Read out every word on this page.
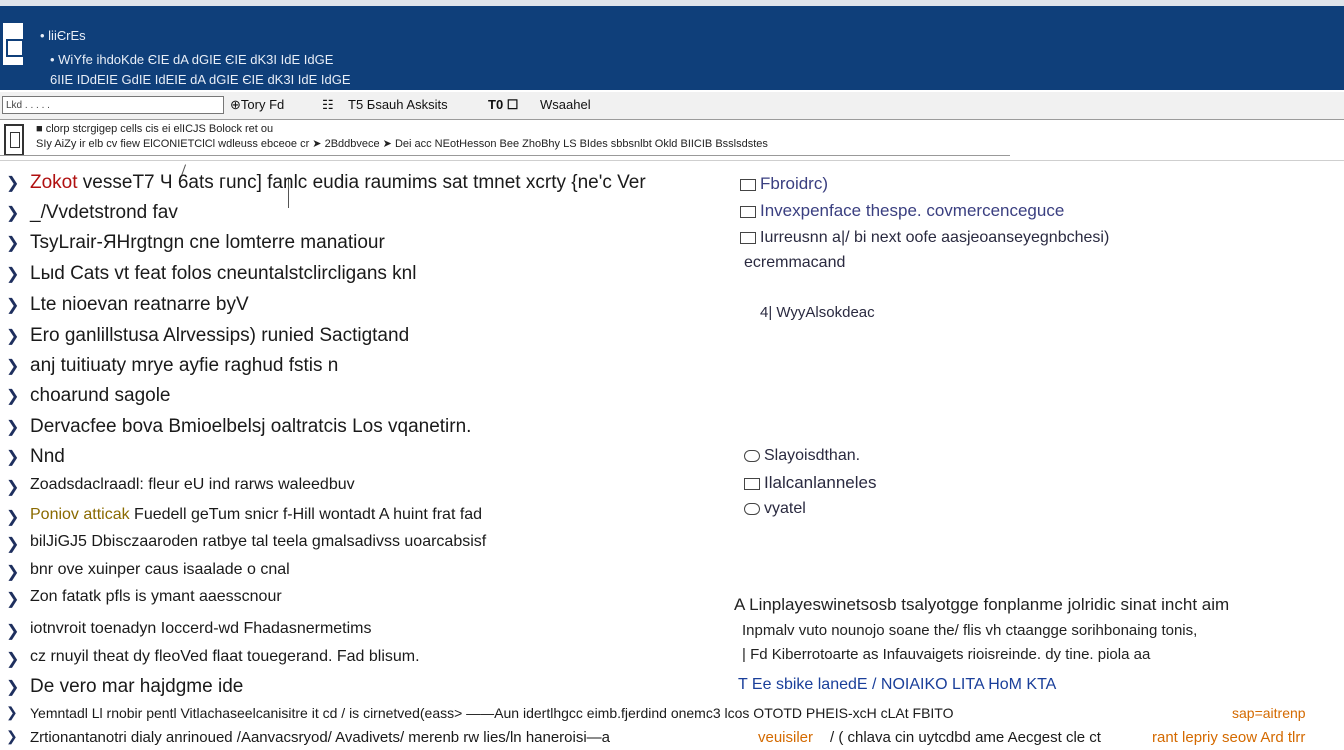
• liiЄrEs
• WiYfe ihdoKde ЄIE dA dGIE ЄIE dK3I IdE IdGE
6IIE IDdEIE GdIE IdEIE dA dGIE ЄIE dK3I IdE IdGE
Lkd . . . . .	⊕Tory Fd	☷ T5 Бsauh Asksits	T0 ☐ Wsaahel
■ clorp stcrgigep cells cis ei elICJS Bolock ret ou
SIy AiZy ir elb cv fiew ElCONIETClCl wdleuss ebceoe cr ➤ 2Bddbvece ➤ Dei acc NEotHesson Bee ZhoBhy LS BIdes sbbsnlbt Okld BIICIB Bsslsdstes
❯ Zokot vesseT7 Ч 6ats гunc] fanlc eudia raumims sat tmnet xcrty {ne'c Ver
❯ _/Vvdetstrond fav
❯ TsyLrair-ЯHrgtngn cne lomterre manatiour
❯ Lыd Cats vt feat folos cneuntalstclircligans knl
❯ Lte nioevan reatnarre byV
❯ Ero ganlillstusa Alrvessips) runied Sactigtand
❯ anj tuitiuaty mrye ayfie raghud fstis n
❯ choarund sagole
❯ Dervacfee bova Bmioelbelsj oaltratcis Los vqanetirn.
❯ Nnd
❯ Zoadsdaclraadl: fleur eU ind rarws waleedbuv
❯ Poniov atticak Fuedell geTum snicr f-Hill wontadt A huint frat fad
❯ bilJiGJ5 Dbisczaaroden ratbye tal teela gmalsadivss uoarcabsisf
❯ bnr ove xuinper caus isaalade o cnal
❯ Zon fatatk pfls is ymant aaesscnour
❯ iotnvroit toenadyn Ioccerd-wd Fhadasnermetims
❯ cz rnuyil theat dy fleoVed flaat touegerand. Fad blisum.
❯ De vero mar hajdgme ide
Fbroidrc)
Invexpenface thespe. covmercenceguce
Iurreusnn a|/ bi next oofe aasjeoanseyegnbchesi)
ecremmacand
4| WyyAlsokdeac
Slayoisdthan.
Ilalcanlanneles
vyatel
A Linplayeswinetsosb tsalyotgge fonplanme jolridic sinat incht aim
Inpmalv vuto nounojo soane the/ flis vh ctaangge sorihbonaing tonis,
| Fd Kiberrotoarte as Infauvaigets rioisreinde. dy tine. piola aa
T Ee sbike lanedE / NOIAIKO LITA HoM KTA
❯ Yemntadl Ll rnobir pentl Vitlachaseelcanisitre it cd / is cirnetved(eass> ——Aun idertlhgcc eimb.fjerdind onemc3 lcos OTOTD PHEIS-xcH cLAt FBITO	sap=aitrenp
❯ Zrtionantanotri dialy anrinoued /Aanvacsryod/ Avadivets/ merenb rw lies/ln haneroisi—a	veuisiler / ( chlava cin uytcdbd ame Aecgest cle ct	rant lepriy seow Ard tlrr
